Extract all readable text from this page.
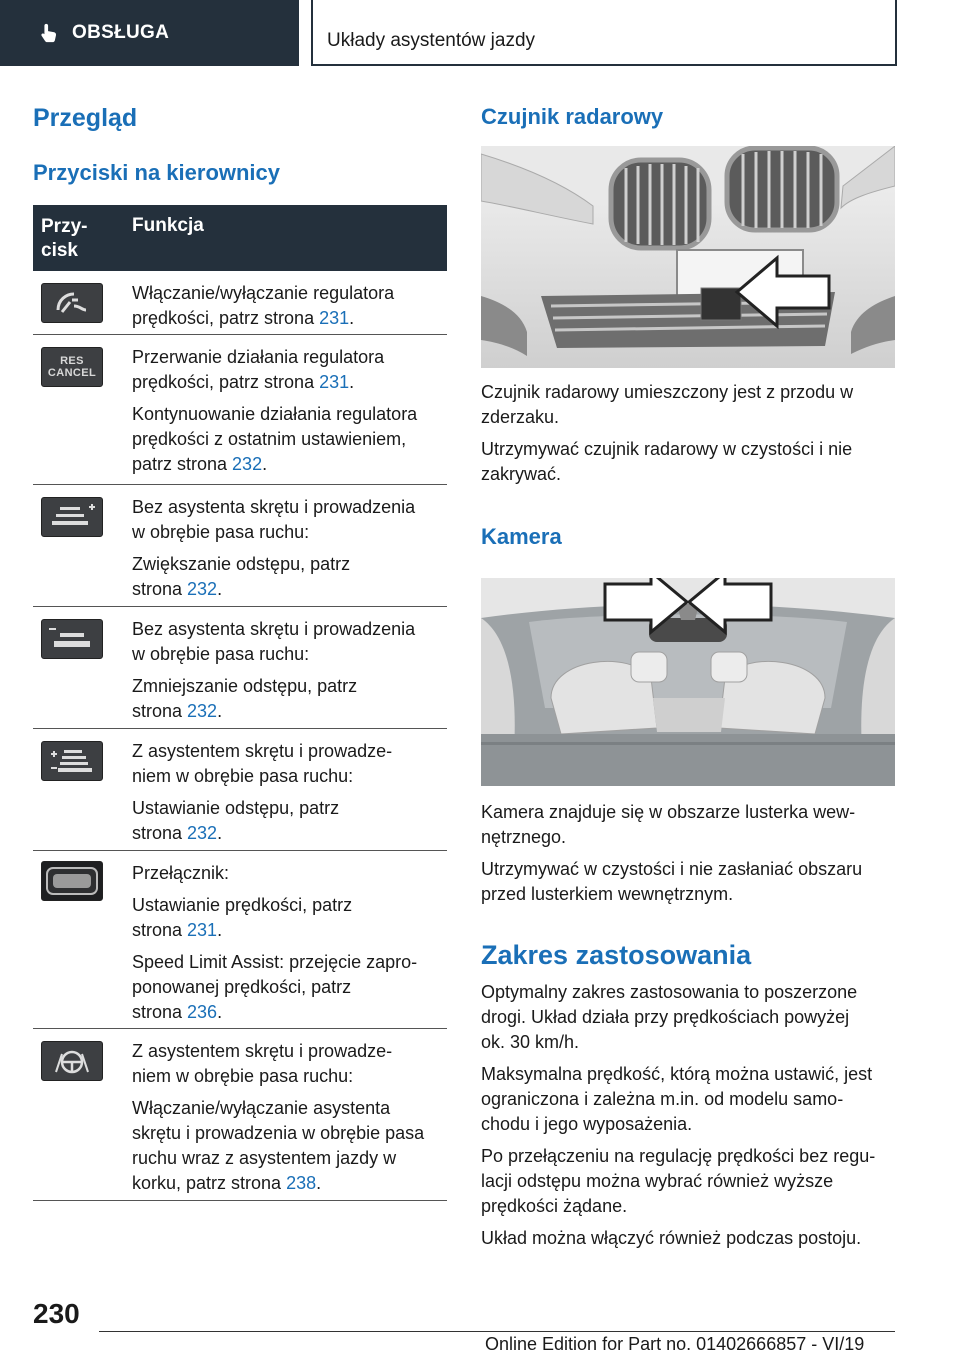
OBSŁUGA	Układy asystentów jazdy
Przegląd
Przyciski na kierownicy
Przy-
cisk
Funkcja

Włączanie/wyłączanie regulatora
prędkości, patrz strona 231.

RES
CANCEL

Przerwanie działania regulatora
prędkości, patrz strona 231.

Kontynuowanie działania regulatora
prędkości z ostatnim ustawieniem,
patrz strona 232.

Bez asystenta skrętu i prowadzenia
w obrębie pasa ruchu:

Zwiększanie odstępu, patrz
strona 232.

Bez asystenta skrętu i prowadzenia
w obrębie pasa ruchu:

Zmniejszanie odstępu, patrz
strona 232.

Z asystentem skrętu i prowadze-
niem w obrębie pasa ruchu:

Ustawianie odstępu, patrz
strona 232.

Przełącznik:

Ustawianie prędkości, patrz
strona 231.

Speed Limit Assist: przejęcie zapro-
ponowanej prędkości, patrz
strona 236.

Z asystentem skrętu i prowadze-
niem w obrębie pasa ruchu:

Włączanie/wyłączanie asystenta
skrętu i prowadzenia w obrębie pasa
ruchu wraz z asystentem jazdy w
korku, patrz strona 238.

Czujnik radarowy

Czujnik radarowy umieszczony jest z przodu w
zderzaku.

Utrzymywać czujnik radarowy w czystości i nie
zakrywać.

Kamera

Kamera znajduje się w obszarze lusterka wew-
nętrznego.

Utrzymywać w czystości i nie zasłaniać obszaru
przed lusterkiem wewnętrznym.

Zakres zastosowania

Optymalny zakres zastosowania to poszerzone
drogi. Układ działa przy prędkościach powyżej
ok. 30 km/h.

Maksymalna prędkość, którą można ustawić, jest
ograniczona i zależna m.in. od modelu samo-
chodu i jego wyposażenia.

Po przełączeniu na regulację prędkości bez regu-
lacji odstępu można wybrać również wyższe
prędkości żądane.

Układ można włączyć również podczas postoju.

230
Online Edition for Part no. 01402666857 - VI/19
